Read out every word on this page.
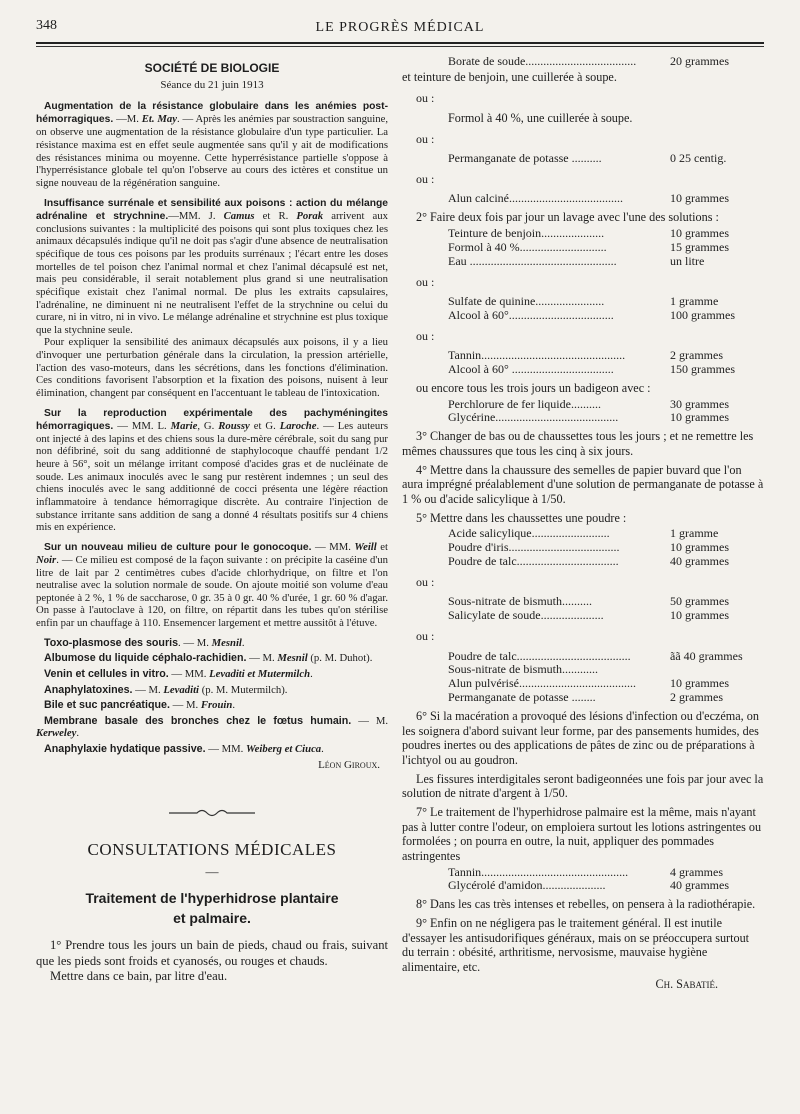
348	LE PROGRÈS MÉDICAL
SOCIÉTÉ DE BIOLOGIE
Séance du 21 juin 1913
Augmentation de la résistance globulaire dans les anémies post-hémorragiques. —M. Et. May. — Après les anémies par soustraction sanguine, on observe une augmentation de la résistance globulaire d'un type particulier. La résistance maxima est en effet seule augmentée sans qu'il y ait de modifications des résistances minima ou moyenne. Cette hyperrésistance partielle s'oppose à l'hyperrésistance globale tel qu'on l'observe au cours des ictères et constitue un signe nouveau de la régénération sanguine.
Insuffisance surrénale et sensibilité aux poisons : action du mélange adrénaline et strychnine.—MM. J. Camus et R. Porak arrivent aux conclusions suivantes : la multiplicité des poisons qui sont plus toxiques chez les animaux décapsulés indique qu'il ne doit pas s'agir d'une absence de neutralisation spécifique de tous ces poisons par les produits surrénaux ; l'écart entre les doses mortelles de tel poison chez l'animal normal et chez l'animal décapsulé est net, mais peu considérable, il serait notablement plus grand si une neutralisation spécifique existait chez l'animal normal. De plus les extraits capsulaires, l'adrénaline, ne diminuent ni ne neutralisent l'effet de la strychnine ou celui du curare, ni in vitro, ni in vivo. Le mélange adrénaline et strychnine est plus toxique que la stychnine seule.

Pour expliquer la sensibilité des animaux décapsulés aux poisons, il y a lieu d'invoquer une perturbation générale dans la circulation, la pression artérielle, l'action des vaso-moteurs, dans les sécrétions, dans les fonctions d'élimination. Ces conditions favorisent l'absorption et la fixation des poisons, nuisent à leur élimination, changent par conséquent en l'accentuant le tableau de l'intoxication.

Sur la reproduction expérimentale des pachyméningites hémorragiques. — MM. L. Marie, G. Roussy et G. Laroche. — Les auteurs ont injecté à des lapins et des chiens sous la dure-mère cérébrale, soit du sang pur non défibriné, soit du sang additionné de staphylocoque chauffé pendant 1/2 heure à 56°, soit un mélange irritant composé d'acides gras et de nucléinate de soude. Les animaux inoculés avec le sang pur restèrent indemnes ; un seul des chiens inoculés avec le sang additionné de cocci présenta une légère réaction inflammatoire à tendance hémorragique discrète. Au contraire l'injection de substance irritante sans addition de sang a donné 4 résultats positifs sur 4 chiens mis en expérience.
Sur un nouveau milieu de culture pour le gonocoque. — MM. Weill et Noir. — Ce milieu est composé de la façon suivante : on précipite la caséine d'un litre de lait par 2 centimètres cubes d'acide chlorhydrique, on filtre et l'on neutralise avec la solution normale de soude. On ajoute moitié son volume d'eau peptonée à 2 %, 1 % de saccharose, 0 gr. 35 à 0 gr. 40 % d'urée, 1 gr. 60 % d'agar. On passe à l'autoclave à 120, on filtre, on répartit dans les tubes qu'on stérilise enfin par un chauffage à 110. Ensemencer largement et mettre aussitôt à l'étuve.
Toxo-plasmose des souris. — M. Mesnil.
Albumose du liquide céphalo-rachidien. — M. Mesnil (p. M. Duhot).
Venin et cellules in vitro. — MM. Levaditi et Mutermilch.
Anaphylatoxines. — M. Levaditi (p. M. Mutermilch).
Bile et suc pancréatique. — M. Frouin.
Membrane basale des bronches chez le fœtus humain. — M. Kerweley.
Anaphylaxie hydatique passive. — MM. Weiberg et Ciuca.
Léon Giroux.
CONSULTATIONS MÉDICALES
—
Traitement de l'hyperhidrose plantaire
et palmaire.

1° Prendre tous les jours un bain de pieds, chaud ou frais, suivant que les pieds sont froids et cyanosés, ou rouges et chauds.

Mettre dans ce bain, par litre d'eau.

Borate de soude.....................................	20 grammes
et teinture de benjoin, une cuillerée à soupe.
ou :
Formol à 40 %, une cuillerée à soupe.
ou :
Permanganate de potasse ..........	0 25 centig.
ou :
Alun calciné......................................	10 grammes
2° Faire deux fois par jour un lavage avec l'une des solutions :
Teinture de benjoin.....................	10 grammes
Formol à 40 %.............................	15 grammes
Eau .................................................	un litre
ou :
Sulfate de quinine.......................	1 gramme
Alcool à 60°...................................	100 grammes
ou :
Tannin................................................	2 grammes
Alcool à 60° ..................................	150 grammes
ou encore tous les trois jours un badigeon avec :
Perchlorure de fer liquide..........	30 grammes
Glycérine.........................................	10 grammes
3° Changer de bas ou de chaussettes tous les jours ; et ne remettre les mêmes chaussures que tous les cinq à six jours.
4° Mettre dans la chaussure des semelles de papier buvard que l'on aura imprégné préalablement d'une solution de permanganate de potasse à 1 % ou d'acide salicylique à 1/50.
5° Mettre dans les chaussettes une poudre :
Acide salicylique..........................	1 gramme
Poudre d'iris.....................................	10 grammes
Poudre de talc..................................	40 grammes
ou :
Sous-nitrate de bismuth..........	50 grammes
Salicylate de soude.....................	10 grammes
ou :
Poudre de talc......................................	ãã 40 grammes
Sous-nitrate de bismuth............
Alun pulvérisé.......................................	10 grammes
Permanganate de potasse ........	2 grammes
6° Si la macération a provoqué des lésions d'infection ou d'eczéma, on les soignera d'abord suivant leur forme, par des pansements humides, des poudres inertes ou des applications de pâtes de zinc ou de préparations à l'ichtyol ou au goudron.
Les fissures interdigitales seront badigeonnées une fois par jour avec la solution de nitrate d'argent à 1/50.
7° Le traitement de l'hyperhidrose palmaire est la même, mais n'ayant pas à lutter contre l'odeur, on emploiera surtout les lotions astringentes ou formolées ; on pourra en outre, la nuit, appliquer des pommades astringentes
Tannin.................................................	4 grammes
Glycérolé d'amidon.....................	40 grammes
8° Dans les cas très intenses et rebelles, on pensera à la radiothérapie.
9° Enfin on ne négligera pas le traitement général. Il est inutile d'essayer les antisudorifiques généraux, mais on se préoccupera surtout du terrain : obésité, arthritisme, nervosisme, mauvaise hygiène alimentaire, etc.
Ch. Sabatié.
